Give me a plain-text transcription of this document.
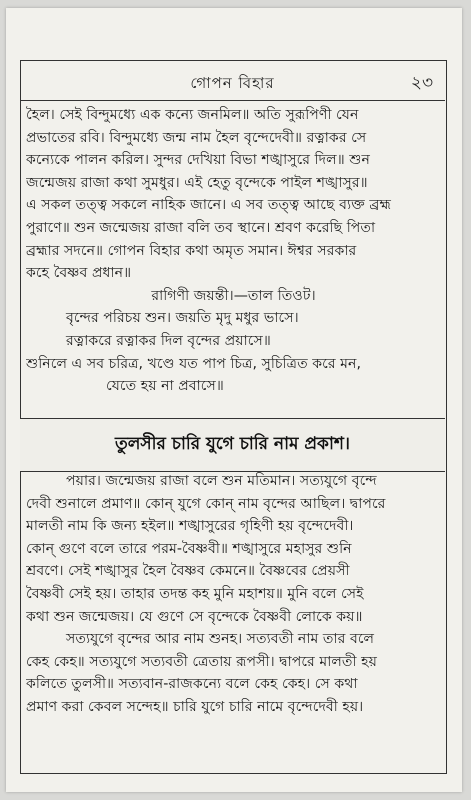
গোপন বিহার	২৩
হৈল। সেই বিন্দুমধ্যে এক কন্যে জনমিল॥ অতি সুরূপিণী যেন
প্রভাতের রবি। বিন্দুমধ্যে জন্ম নাম হৈল বৃন্দেদেবী॥ রত্নাকর সে
কন্যেকে পালন করিল। সুন্দর দেখিয়া বিভা শঙ্খাসুরে দিল॥ শুন
জন্মেজয় রাজা কথা সুমধুর। এই হেতু বৃন্দেকে পাইল শঙ্খাসুর॥
এ সকল তত্ত্ব সকলে নাহিক জানে। এ সব তত্ত্ব আছে ব্যক্ত ব্রহ্ম
পুরাণে॥ শুন জন্মেজয় রাজা বলি তব স্থানে। শ্রবণ করেছি পিতা
ব্রহ্মার সদনে॥ গোপন বিহার কথা অমৃত সমান। ঈশ্বর সরকার
কহে বৈষ্ণব প্রধান॥
রাগিণী জয়ন্তী।—তাল তিওট।
বৃন্দের পরিচয় শুন। জয়তি মৃদু মধুর ভাসে।
রত্নাকরে রত্নাকর দিল বৃন্দের প্রয়াসে॥
শুনিলে এ সব চরিত্র, খণ্ডে যত পাপ চিত্র, সুচিত্রিত করে মন,
যেতে হয় না প্রবাসে॥
তুলসীর চারি যুগে চারি নাম প্রকাশ।
পয়ার। জন্মেজয় রাজা বলে শুন মতিমান। সত্যযুগে বৃন্দে
দেবী শুনালে প্রমাণ॥ কোন্ যুগে কোন্ নাম বৃন্দের আছিল। দ্বাপরে
মালতী নাম কি জন্য হইল॥ শঙ্খাসুরের গৃহিণী হয় বৃন্দেদেবী।
কোন্ গুণে বলে তারে পরম-বৈষ্ণবী॥ শঙ্খাসুরে মহাসুর শুনি
শ্রবণে। সেই শঙ্খাসুর হৈল বৈষ্ণব কেমনে॥ বৈষ্ণবের প্রেয়সী
বৈষ্ণবী সেই হয়। তাহার তদন্ত কহ মুনি মহাশয়॥ মুনি বলে সেই
কথা শুন জন্মেজয়। যে গুণে সে বৃন্দেকে বৈষ্ণবী লোকে কয়॥
সত্যযুগে বৃন্দের আর নাম শুনহ। সত্যবতী নাম তার বলে
কেহ কেহ॥ সত্যযুগে সত্যবতী ত্রেতায় রূপসী। দ্বাপরে মালতী হয়
কলিতে তুলসী॥ সত্যবান-রাজকন্যে বলে কেহ কেহ। সে কথা
প্রমাণ করা কেবল সন্দেহ॥ চারি যুগে চারি নামে বৃন্দেদেবী হয়।
